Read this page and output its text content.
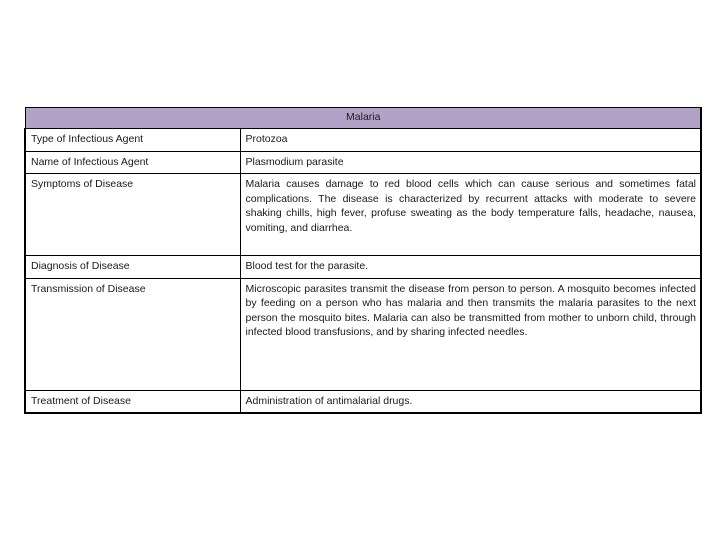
Malaria	
Type of Infectious Agent	Protozoa

Name of Infectious Agent	Plasmodium parasite

Symptoms of Disease	Malaria causes damage to red blood cells which can cause serious and sometimes fatal complications. The disease is characterized by recurrent attacks with moderate to severe shaking chills, high fever, profuse sweating as the body temperature falls, headache, nausea, vomiting, and diarrhea.

Diagnosis of Disease	Blood test for the parasite.

Transmission of Disease	Microscopic parasites transmit the disease from person to person. A mosquito becomes infected by feeding on a person who has malaria and then transmits the malaria parasites to the next person the mosquito bites. Malaria can also be transmitted from mother to unborn child, through infected blood transfusions, and by sharing infected needles.

Treatment of Disease	Administration of antimalarial drugs.
